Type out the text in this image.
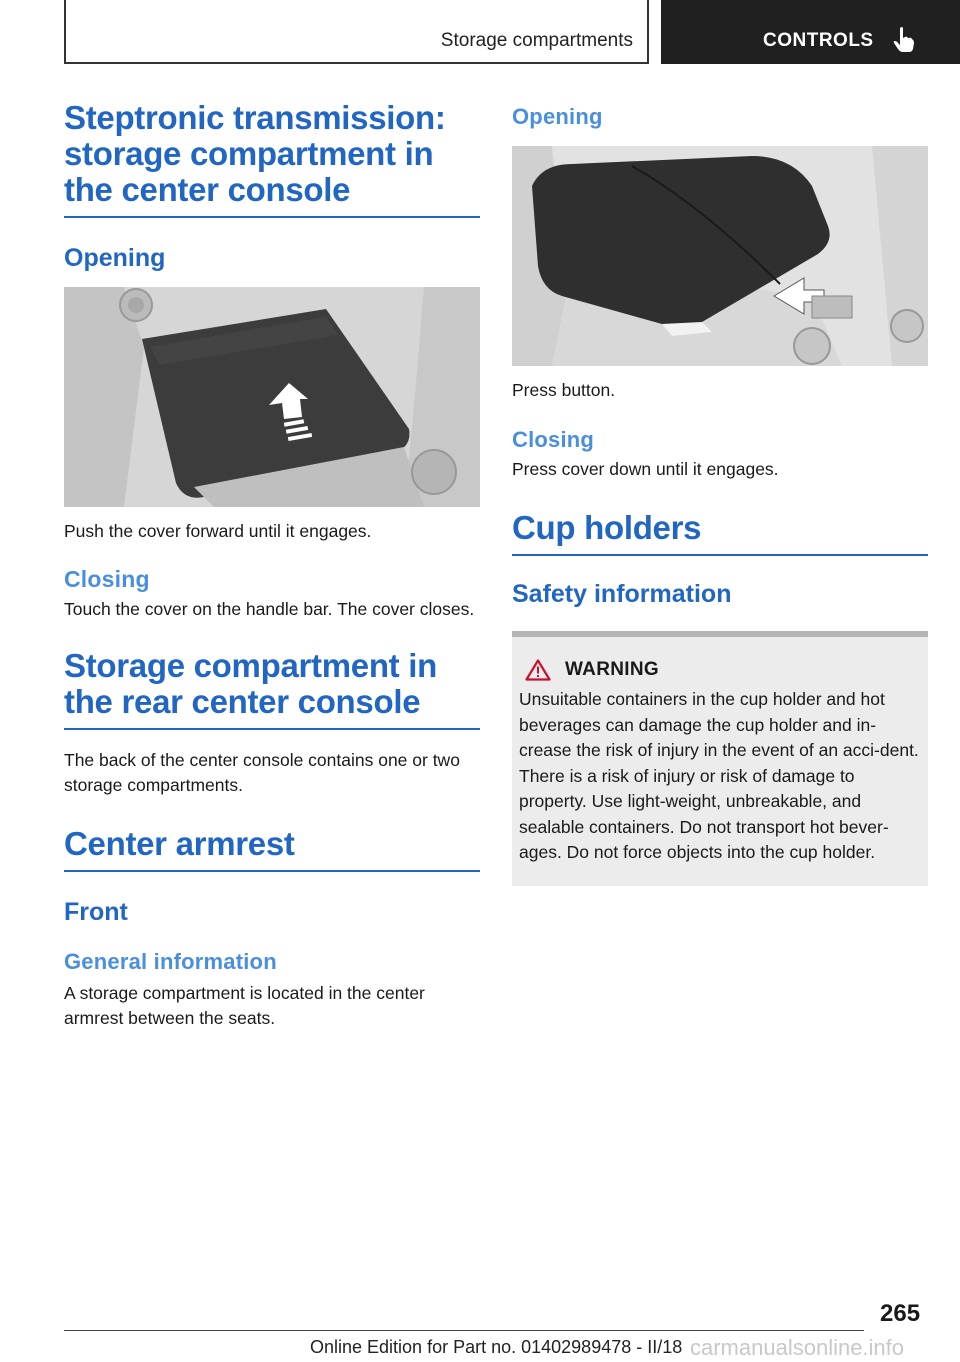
Storage compartments	CONTROLS
Steptronic transmission: storage compartment in the center console
Opening

Push the cover forward until it engages.

Closing

Touch the cover on the handle bar. The cover closes.

Storage compartment in the rear center console

The back of the center console contains one or two storage compartments.

Center armrest
Front
General information

A storage compartment is located in the center armrest between the seats.

Opening

Press button.

Closing

Press cover down until it engages.

Cup holders
Safety information
WARNING
Unsuitable containers in the cup holder and hot beverages can damage the cup holder and in-crease the risk of injury in the event of an acci-dent. There is a risk of injury or risk of damage to property. Use light-weight, unbreakable, and sealable containers. Do not transport hot bever-ages. Do not force objects into the cup holder.
265
Online Edition for Part no. 01402989478 - II/18 carmanualsonline.info
